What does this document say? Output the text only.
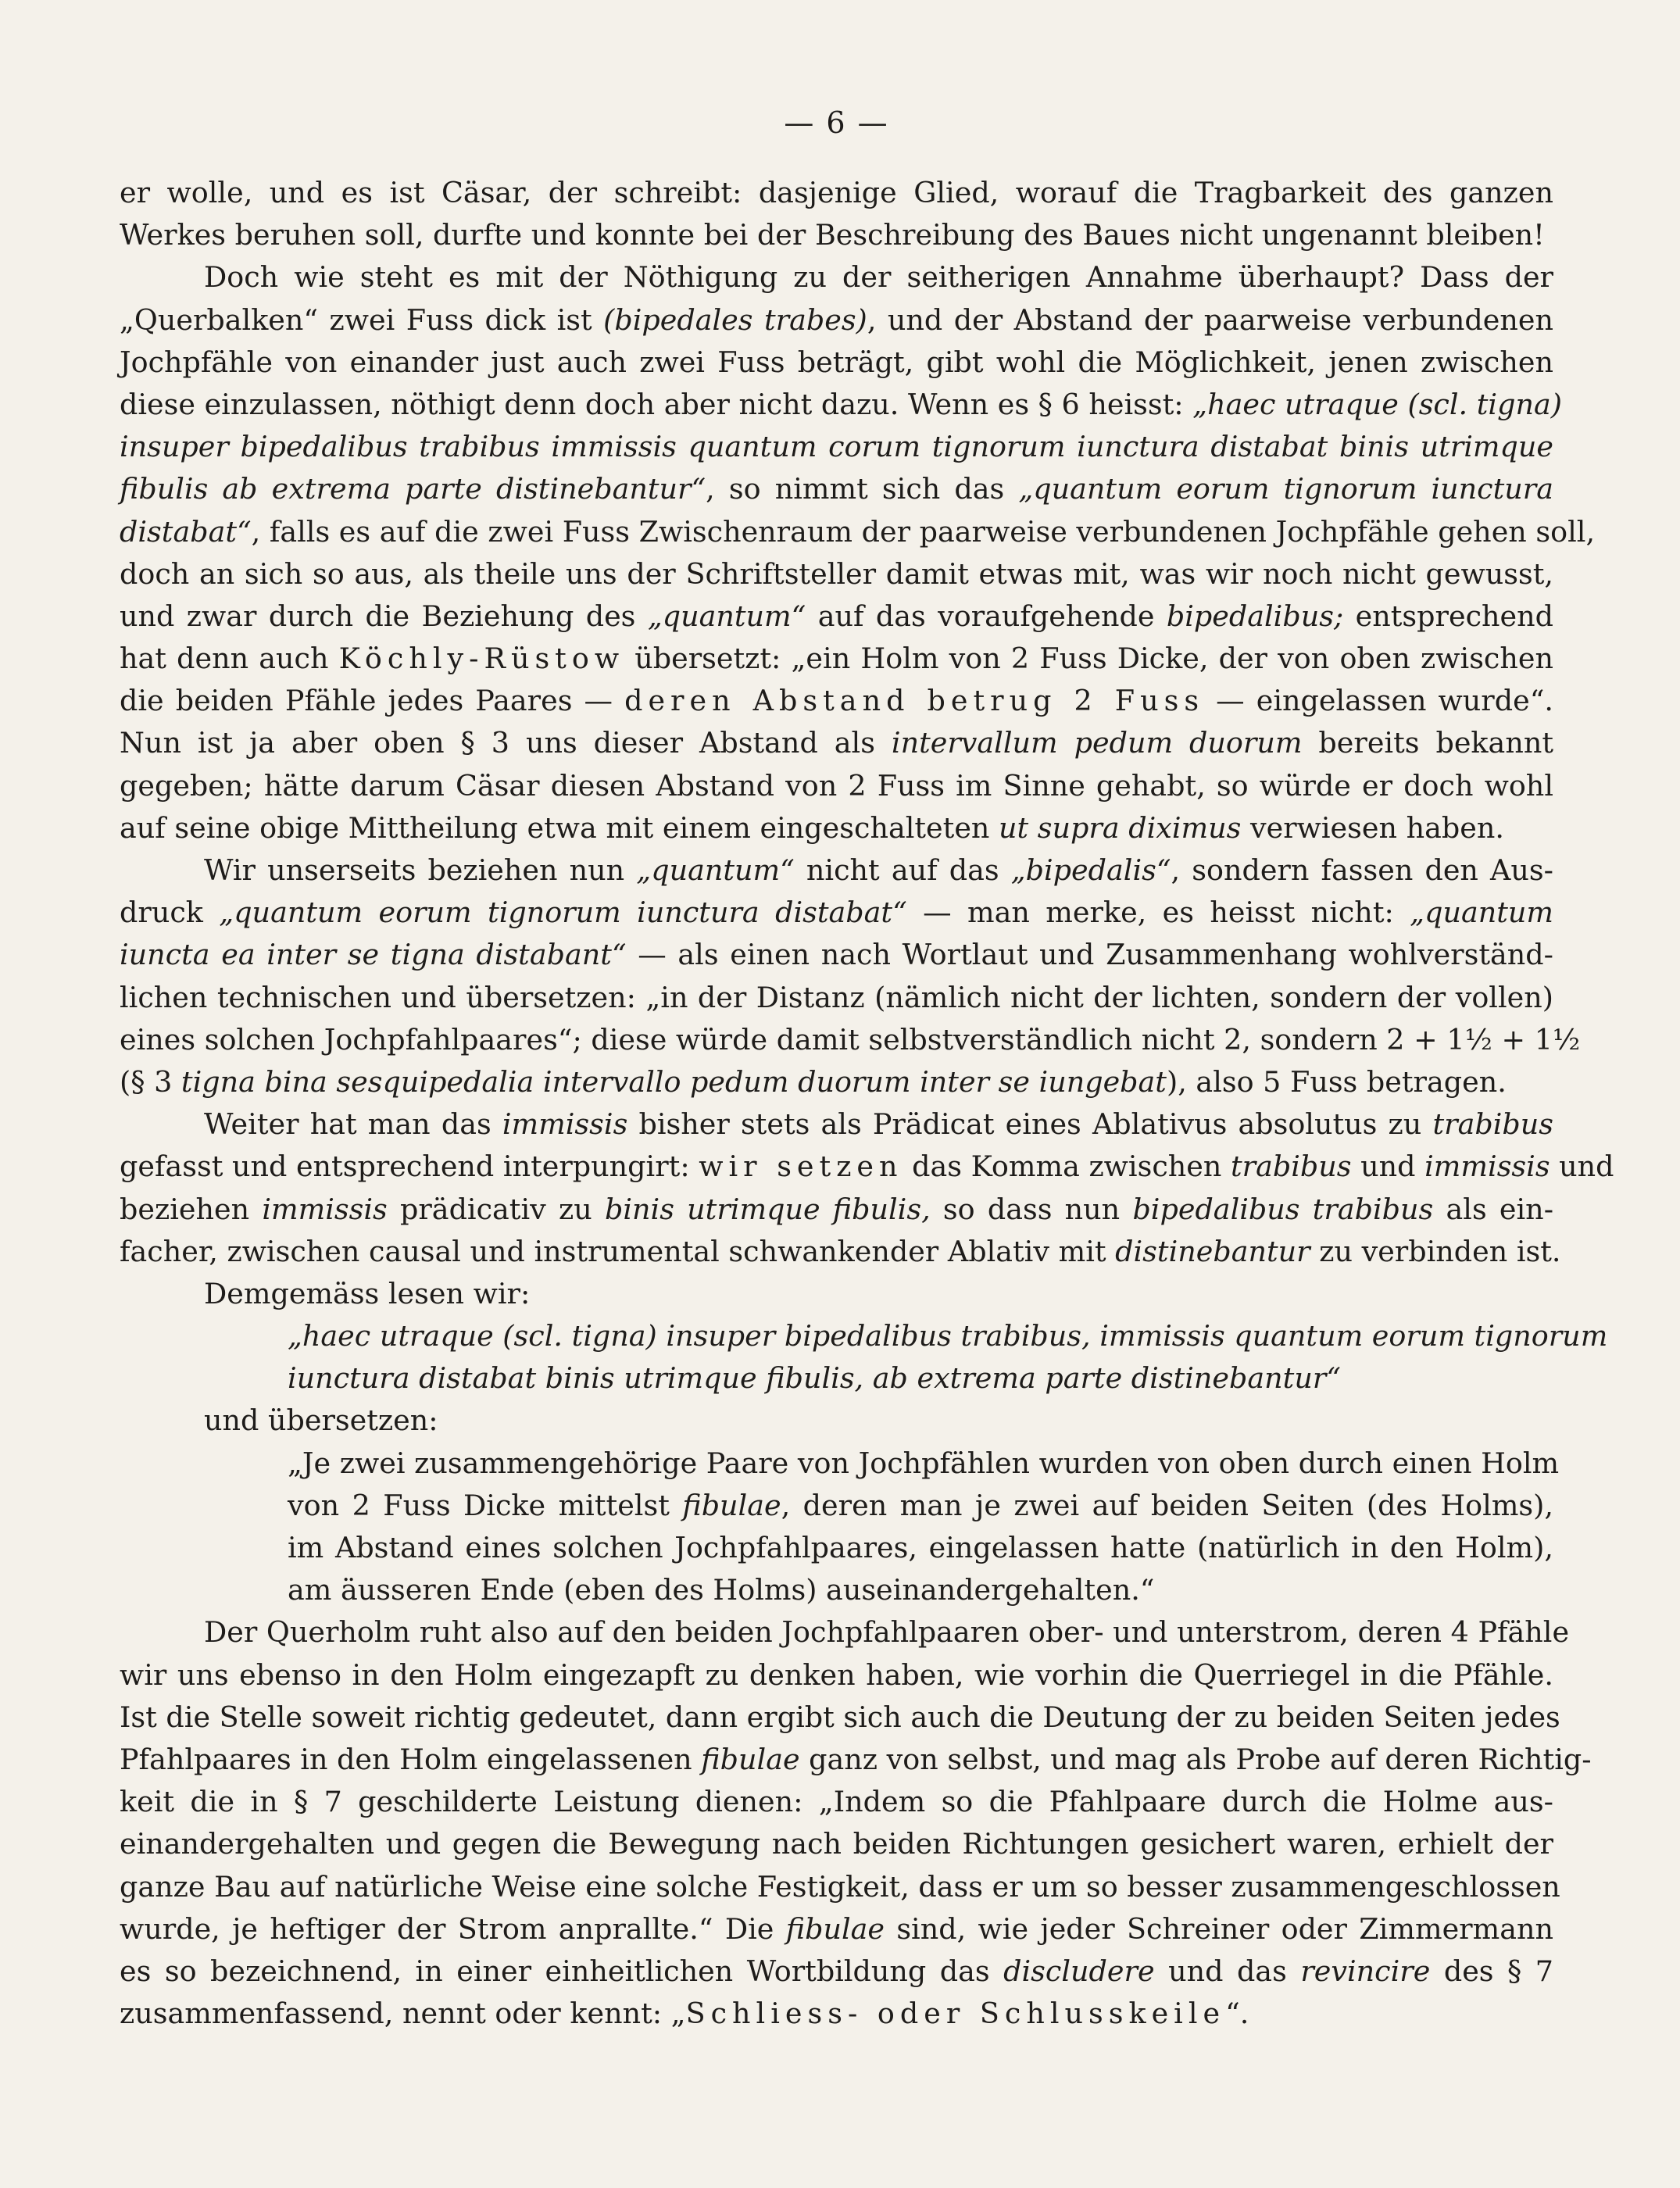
— 6 —
er wolle, und es ist Cäsar, der schreibt: dasjenige Glied, worauf die Tragbarkeit des ganzen
Werkes beruhen soll, durfte und konnte bei der Beschreibung des Baues nicht ungenannt bleiben!
Doch wie steht es mit der Nöthigung zu der seitherigen Annahme überhaupt? Dass der
„Querbalken“ zwei Fuss dick ist (bipedales trabes), und der Abstand der paarweise verbundenen
Jochpfähle von einander just auch zwei Fuss beträgt, gibt wohl die Möglichkeit, jenen zwischen
diese einzulassen, nöthigt denn doch aber nicht dazu. Wenn es § 6 heisst: „haec utraque (scl. tigna)
insuper bipedalibus trabibus immissis quantum corum tignorum iunctura distabat binis utrimque
fibulis ab extrema parte distinebantur“, so nimmt sich das „quantum eorum tignorum iunctura
distabat“, falls es auf die zwei Fuss Zwischenraum der paarweise verbundenen Jochpfähle gehen soll,
doch an sich so aus, als theile uns der Schriftsteller damit etwas mit, was wir noch nicht gewusst,
und zwar durch die Beziehung des „quantum“ auf das voraufgehende bipedalibus; entsprechend
hat denn auch Köchly-Rüstow übersetzt: „ein Holm von 2 Fuss Dicke, der von oben zwischen
die beiden Pfähle jedes Paares — deren Abstand betrug 2 Fuss — eingelassen wurde“.
Nun ist ja aber oben § 3 uns dieser Abstand als intervallum pedum duorum bereits bekannt
gegeben; hätte darum Cäsar diesen Abstand von 2 Fuss im Sinne gehabt, so würde er doch wohl
auf seine obige Mittheilung etwa mit einem eingeschalteten ut supra diximus verwiesen haben.
Wir unserseits beziehen nun „quantum“ nicht auf das „bipedalis“, sondern fassen den Aus-
druck „quantum eorum tignorum iunctura distabat“ — man merke, es heisst nicht: „quantum
iuncta ea inter se tigna distabant“ — als einen nach Wortlaut und Zusammenhang wohlverständ-
lichen technischen und übersetzen: „in der Distanz (nämlich nicht der lichten, sondern der vollen)
eines solchen Jochpfahlpaares“; diese würde damit selbstverständlich nicht 2, sondern 2 + 1½ + 1½
(§ 3 tigna bina sesquipedalia intervallo pedum duorum inter se iungebat), also 5 Fuss betragen.
Weiter hat man das immissis bisher stets als Prädicat eines Ablativus absolutus zu trabibus
gefasst und entsprechend interpungirt: wir setzen das Komma zwischen trabibus und immissis und
beziehen immissis prädicativ zu binis utrimque fibulis, so dass nun bipedalibus trabibus als ein-
facher, zwischen causal und instrumental schwankender Ablativ mit distinebantur zu verbinden ist.
Demgemäss lesen wir:
„haec utraque (scl. tigna) insuper bipedalibus trabibus, immissis quantum eorum tignorum
iunctura distabat binis utrimque fibulis, ab extrema parte distinebantur“
und übersetzen:
„Je zwei zusammengehörige Paare von Jochpfählen wurden von oben durch einen Holm
von 2 Fuss Dicke mittelst fibulae, deren man je zwei auf beiden Seiten (des Holms),
im Abstand eines solchen Jochpfahlpaares, eingelassen hatte (natürlich in den Holm),
am äusseren Ende (eben des Holms) auseinandergehalten.“
Der Querholm ruht also auf den beiden Jochpfahlpaaren ober- und unterstrom, deren 4 Pfähle
wir uns ebenso in den Holm eingezapft zu denken haben, wie vorhin die Querriegel in die Pfähle.
Ist die Stelle soweit richtig gedeutet, dann ergibt sich auch die Deutung der zu beiden Seiten jedes
Pfahlpaares in den Holm eingelassenen fibulae ganz von selbst, und mag als Probe auf deren Richtig-
keit die in § 7 geschilderte Leistung dienen: „Indem so die Pfahlpaare durch die Holme aus-
einandergehalten und gegen die Bewegung nach beiden Richtungen gesichert waren, erhielt der
ganze Bau auf natürliche Weise eine solche Festigkeit, dass er um so besser zusammengeschlossen
wurde, je heftiger der Strom anprallte.“ Die fibulae sind, wie jeder Schreiner oder Zimmermann
es so bezeichnend, in einer einheitlichen Wortbildung das discludere und das revincire des § 7
zusammenfassend, nennt oder kennt: „Schliess- oder Schlusskeile“.
